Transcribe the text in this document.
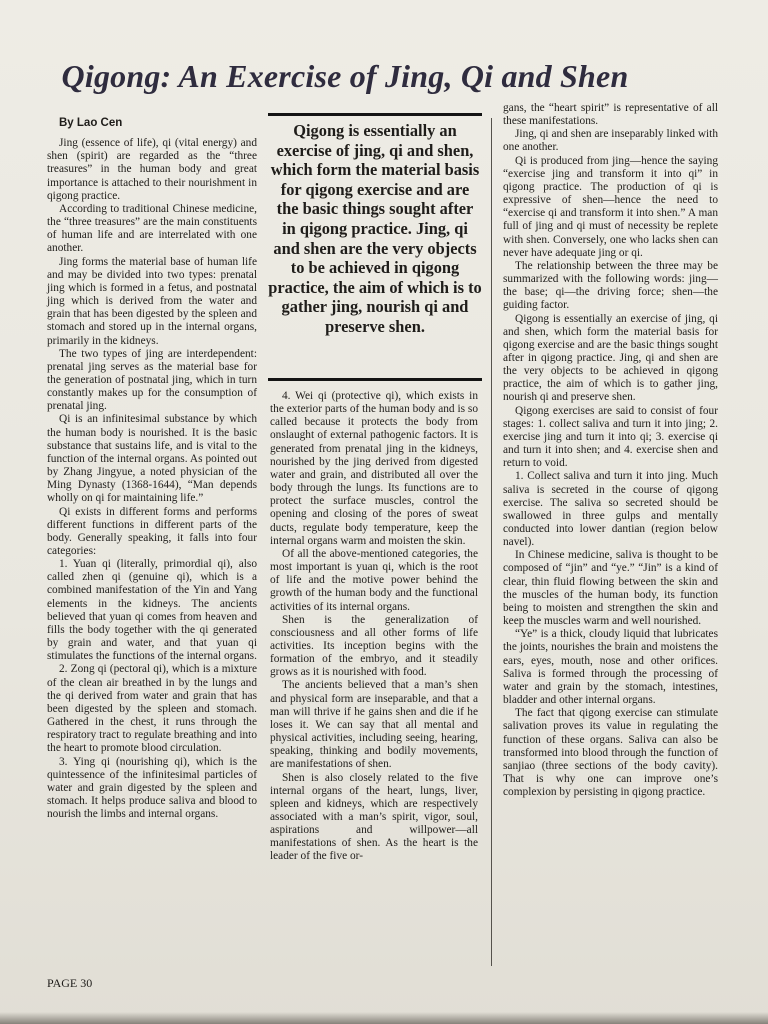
Qigong: An Exercise of Jing, Qi and Shen
By Lao Cen

Jing (essence of life), qi (vital energy) and shen (spirit) are regarded as the “three treasures” in the human body and great importance is attached to their nourishment in qigong practice.

According to traditional Chinese medicine, the “three treasures” are the main constituents of human life and are interrelated with one another.

Jing forms the material base of human life and may be divided into two types: prenatal jing which is formed in a fetus, and postnatal jing which is derived from the water and grain that has been digested by the spleen and stomach and stored up in the internal organs, primarily in the kidneys.

The two types of jing are interdependent: prenatal jing serves as the material base for the generation of postnatal jing, which in turn constantly makes up for the consumption of prenatal jing.

Qi is an infinitesimal substance by which the human body is nourished. It is the basic substance that sustains life, and is vital to the function of the internal organs. As pointed out by Zhang Jingyue, a noted physician of the Ming Dynasty (1368-1644), “Man depends wholly on qi for maintaining life.”

Qi exists in different forms and performs different functions in different parts of the body. Generally speaking, it falls into four categories:

1. Yuan qi (literally, primordial qi), also called zhen qi (genuine qi), which is a combined manifestation of the Yin and Yang elements in the kidneys. The ancients believed that yuan qi comes from heaven and fills the body together with the qi generated by grain and water, and that yuan qi stimulates the functions of the internal organs.

2. Zong qi (pectoral qi), which is a mixture of the clean air breathed in by the lungs and the qi derived from water and grain that has been digested by the spleen and stomach. Gathered in the chest, it runs through the respiratory tract to regulate breathing and into the heart to promote blood circulation.

3. Ying qi (nourishing qi), which is the quintessence of the infinitesimal particles of water and grain digested by the spleen and stomach. It helps produce saliva and blood to nourish the limbs and internal organs.

Qigong is essentially an exercise of jing, qi and shen, which form the material basis for qigong exercise and are the basic things sought after in qigong practice. Jing, qi and shen are the very objects to be achieved in qigong practice, the aim of which is to gather jing, nourish qi and preserve shen.

4. Wei qi (protective qi), which exists in the exterior parts of the human body and is so called because it protects the body from onslaught of external pathogenic factors. It is generated from prenatal jing in the kidneys, nourished by the jing derived from digested water and grain, and distributed all over the body through the lungs. Its functions are to protect the surface muscles, control the opening and closing of the pores of sweat ducts, regulate body temperature, keep the internal organs warm and moisten the skin.

Of all the above-mentioned categories, the most important is yuan qi, which is the root of life and the motive power behind the growth of the human body and the functional activities of its internal organs.

Shen is the generalization of consciousness and all other forms of life activities. Its inception begins with the formation of the embryo, and it steadily grows as it is nourished with food.

The ancients believed that a man’s shen and physical form are inseparable, and that a man will thrive if he gains shen and die if he loses it. We can say that all mental and physical activities, including seeing, hearing, speaking, thinking and bodily movements, are manifestations of shen.

Shen is also closely related to the five internal organs of the heart, lungs, liver, spleen and kidneys, which are respectively associated with a man’s spirit, vigor, soul, aspirations and willpower—all manifestations of shen. As the heart is the leader of the five or-

gans, the “heart spirit” is representative of all these manifestations.

Jing, qi and shen are inseparably linked with one another.

Qi is produced from jing—hence the saying “exercise jing and transform it into qi” in qigong practice. The production of qi is expressive of shen—hence the need to “exercise qi and transform it into shen.” A man full of jing and qi must of necessity be replete with shen. Conversely, one who lacks shen can never have adequate jing or qi.

The relationship between the three may be summarized with the following words: jing—the base; qi—the driving force; shen—the guiding factor.

Qigong is essentially an exercise of jing, qi and shen, which form the material basis for qigong exercise and are the basic things sought after in qigong practice. Jing, qi and shen are the very objects to be achieved in qigong practice, the aim of which is to gather jing, nourish qi and preserve shen.

Qigong exercises are said to consist of four stages: 1. collect saliva and turn it into jing; 2. exercise jing and turn it into qi; 3. exercise qi and turn it into shen; and 4. exercise shen and return to void.

1. Collect saliva and turn it into jing. Much saliva is secreted in the course of qigong exercise. The saliva so secreted should be swallowed in three gulps and mentally conducted into lower dantian (region below navel).

In Chinese medicine, saliva is thought to be composed of “jin” and “ye.” “Jin” is a kind of clear, thin fluid flowing between the skin and the muscles of the human body, its function being to moisten and strengthen the skin and keep the muscles warm and well nourished.

“Ye” is a thick, cloudy liquid that lubricates the joints, nourishes the brain and moistens the ears, eyes, mouth, nose and other orifices. Saliva is formed through the processing of water and grain by the stomach, intestines, bladder and other internal organs.

The fact that qigong exercise can stimulate salivation proves its value in regulating the function of these organs. Saliva can also be transformed into blood through the function of sanjiao (three sections of the body cavity). That is why one can improve one’s complexion by persisting in qigong practice.

PAGE 30
